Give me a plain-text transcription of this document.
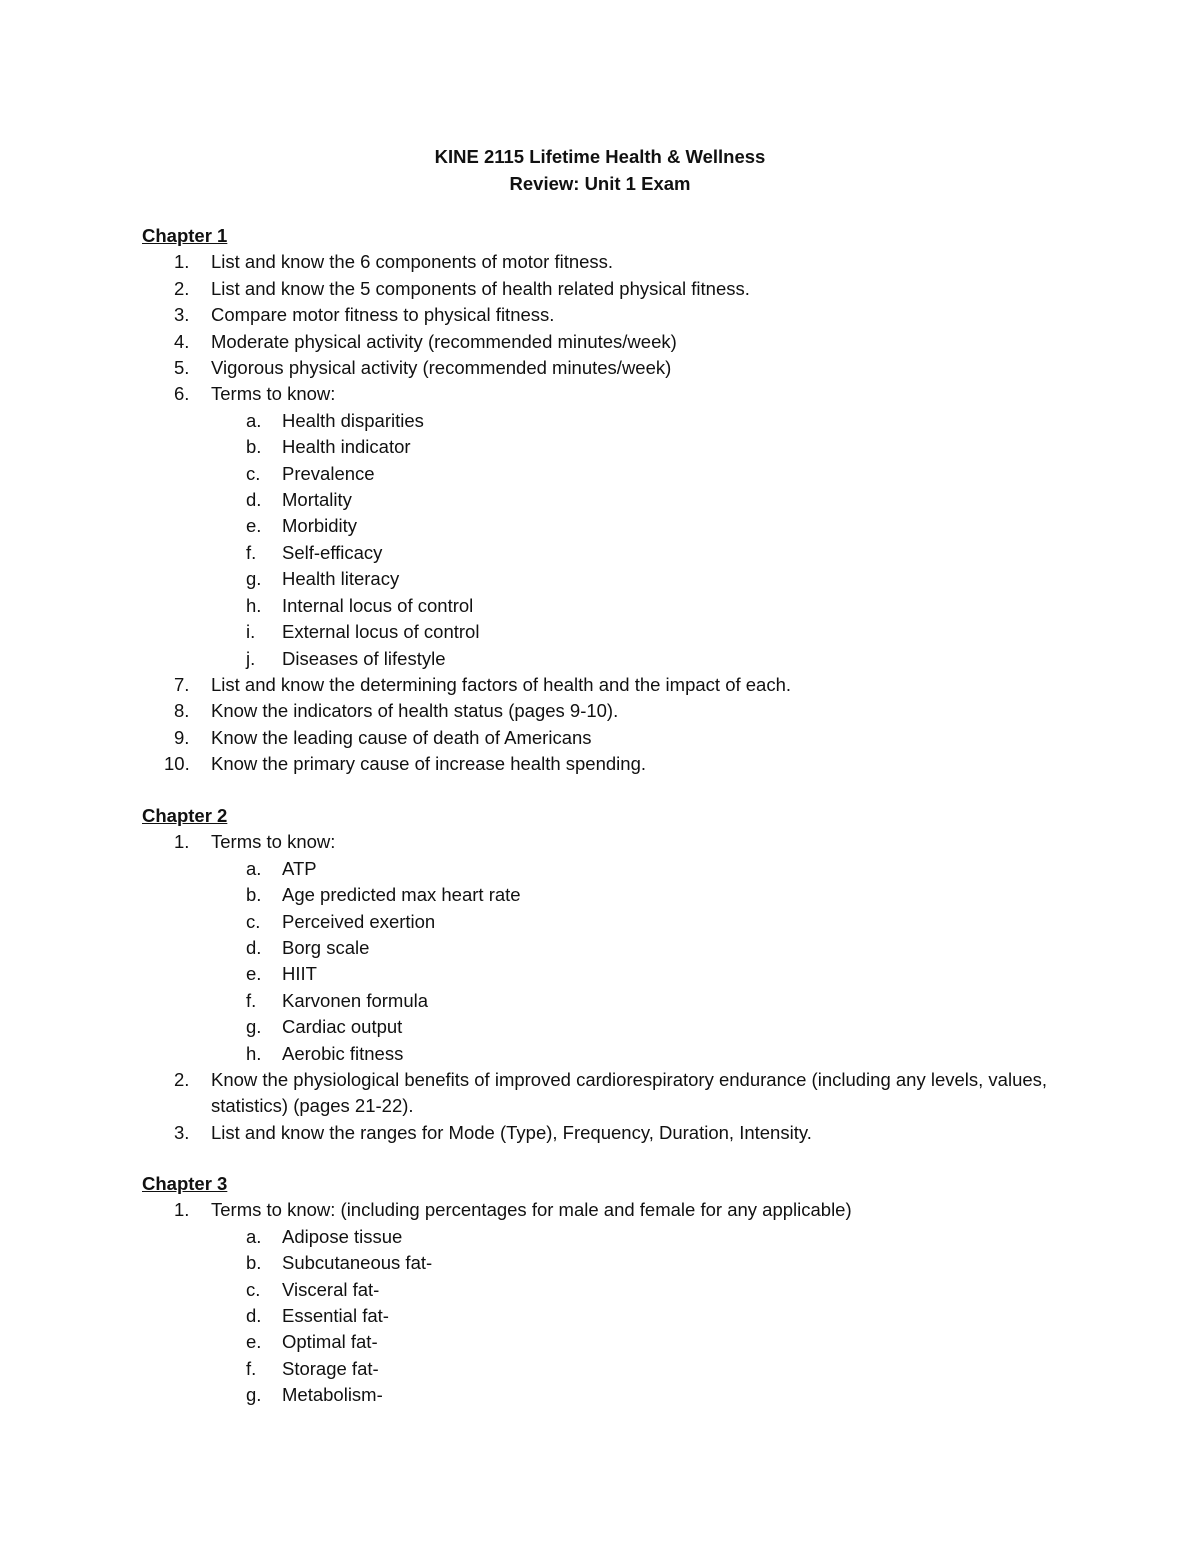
KINE 2115 Lifetime Health & Wellness
Review: Unit 1 Exam
Chapter 1
1. List and know the 6 components of motor fitness.
2. List and know the 5 components of health related physical fitness.
3. Compare motor fitness to physical fitness.
4. Moderate physical activity (recommended minutes/week)
5. Vigorous physical activity (recommended minutes/week)
6. Terms to know:
a. Health disparities
b. Health indicator
c. Prevalence
d. Mortality
e. Morbidity
f. Self-efficacy
g. Health literacy
h. Internal locus of control
i. External locus of control
j. Diseases of lifestyle
7. List and know the determining factors of health and the impact of each.
8. Know the indicators of health status (pages 9-10).
9. Know the leading cause of death of Americans
10. Know the primary cause of increase health spending.
Chapter 2
1. Terms to know:
a. ATP
b. Age predicted max heart rate
c. Perceived exertion
d. Borg scale
e. HIIT
f. Karvonen formula
g. Cardiac output
h. Aerobic fitness
2. Know the physiological benefits of improved cardiorespiratory endurance (including any levels, values, statistics) (pages 21-22).
3. List and know the ranges for Mode (Type), Frequency, Duration, Intensity.
Chapter 3
1. Terms to know: (including percentages for male and female for any applicable)
a. Adipose tissue
b. Subcutaneous fat-
c. Visceral fat-
d. Essential fat-
e. Optimal fat-
f. Storage fat-
g. Metabolism-
